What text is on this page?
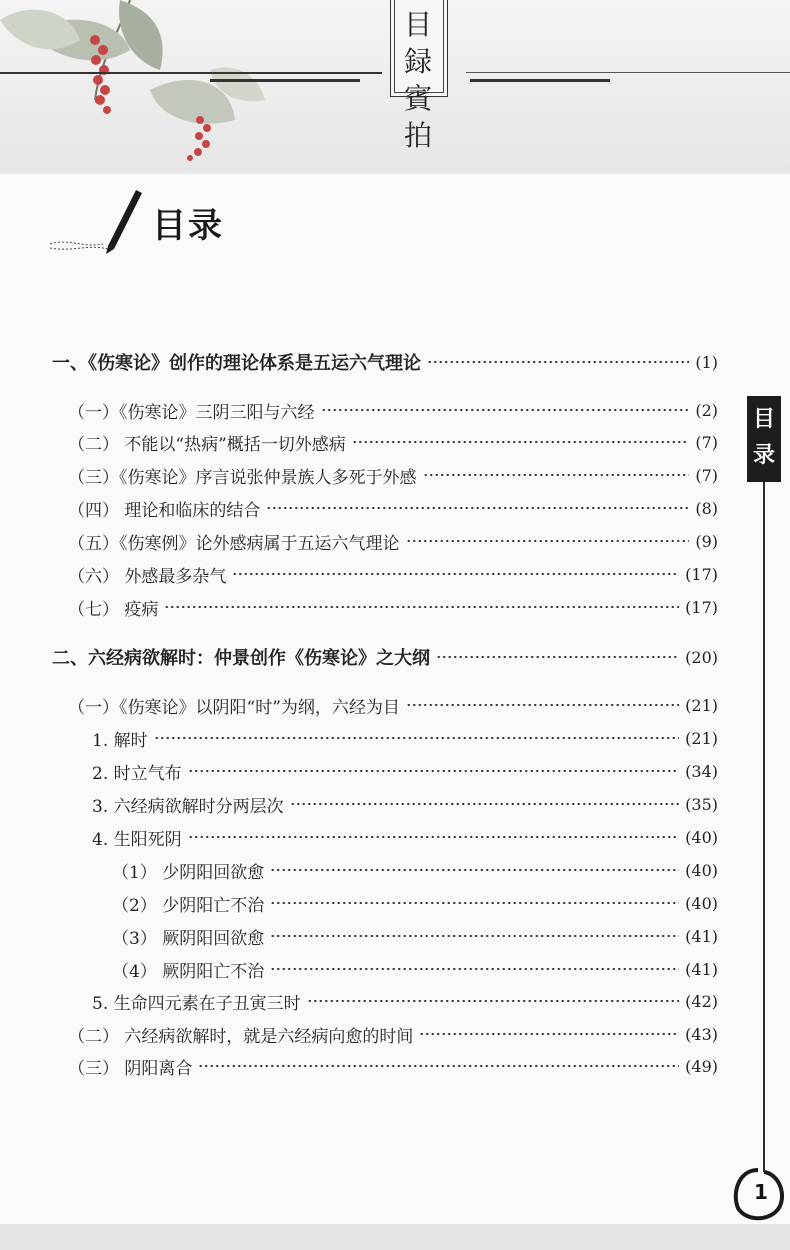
目
録
賓
拍
目录
一、《伤寒论》创作的理论体系是五运六气理论	(1)
（一）《伤寒论》三阴三阳与六经	(2)
（二） 不能以“热病”概括一切外感病	(7)
（三）《伤寒论》序言说张仲景族人多死于外感	(7)
（四） 理论和临床的结合	(8)
（五）《伤寒例》论外感病属于五运六气理论	(9)
（六） 外感最多杂气	(17)
（七） 疫病	(17)
二、六经病欲解时：仲景创作《伤寒论》之大纲	(20)
（一）《伤寒论》以阴阳“时”为纲，六经为目	(21)
1. 解时	(21)
2. 时立气布	(34)
3. 六经病欲解时分两层次	(35)
4. 生阳死阴	(40)
（1） 少阴阳回欲愈	(40)
（2） 少阴阳亡不治	(40)
（3） 厥阴阳回欲愈	(41)
（4） 厥阴阳亡不治	(41)
5. 生命四元素在子丑寅三时	(42)
（二） 六经病欲解时，就是六经病向愈的时间	(43)
（三） 阴阳离合	(49)
目
录
1
